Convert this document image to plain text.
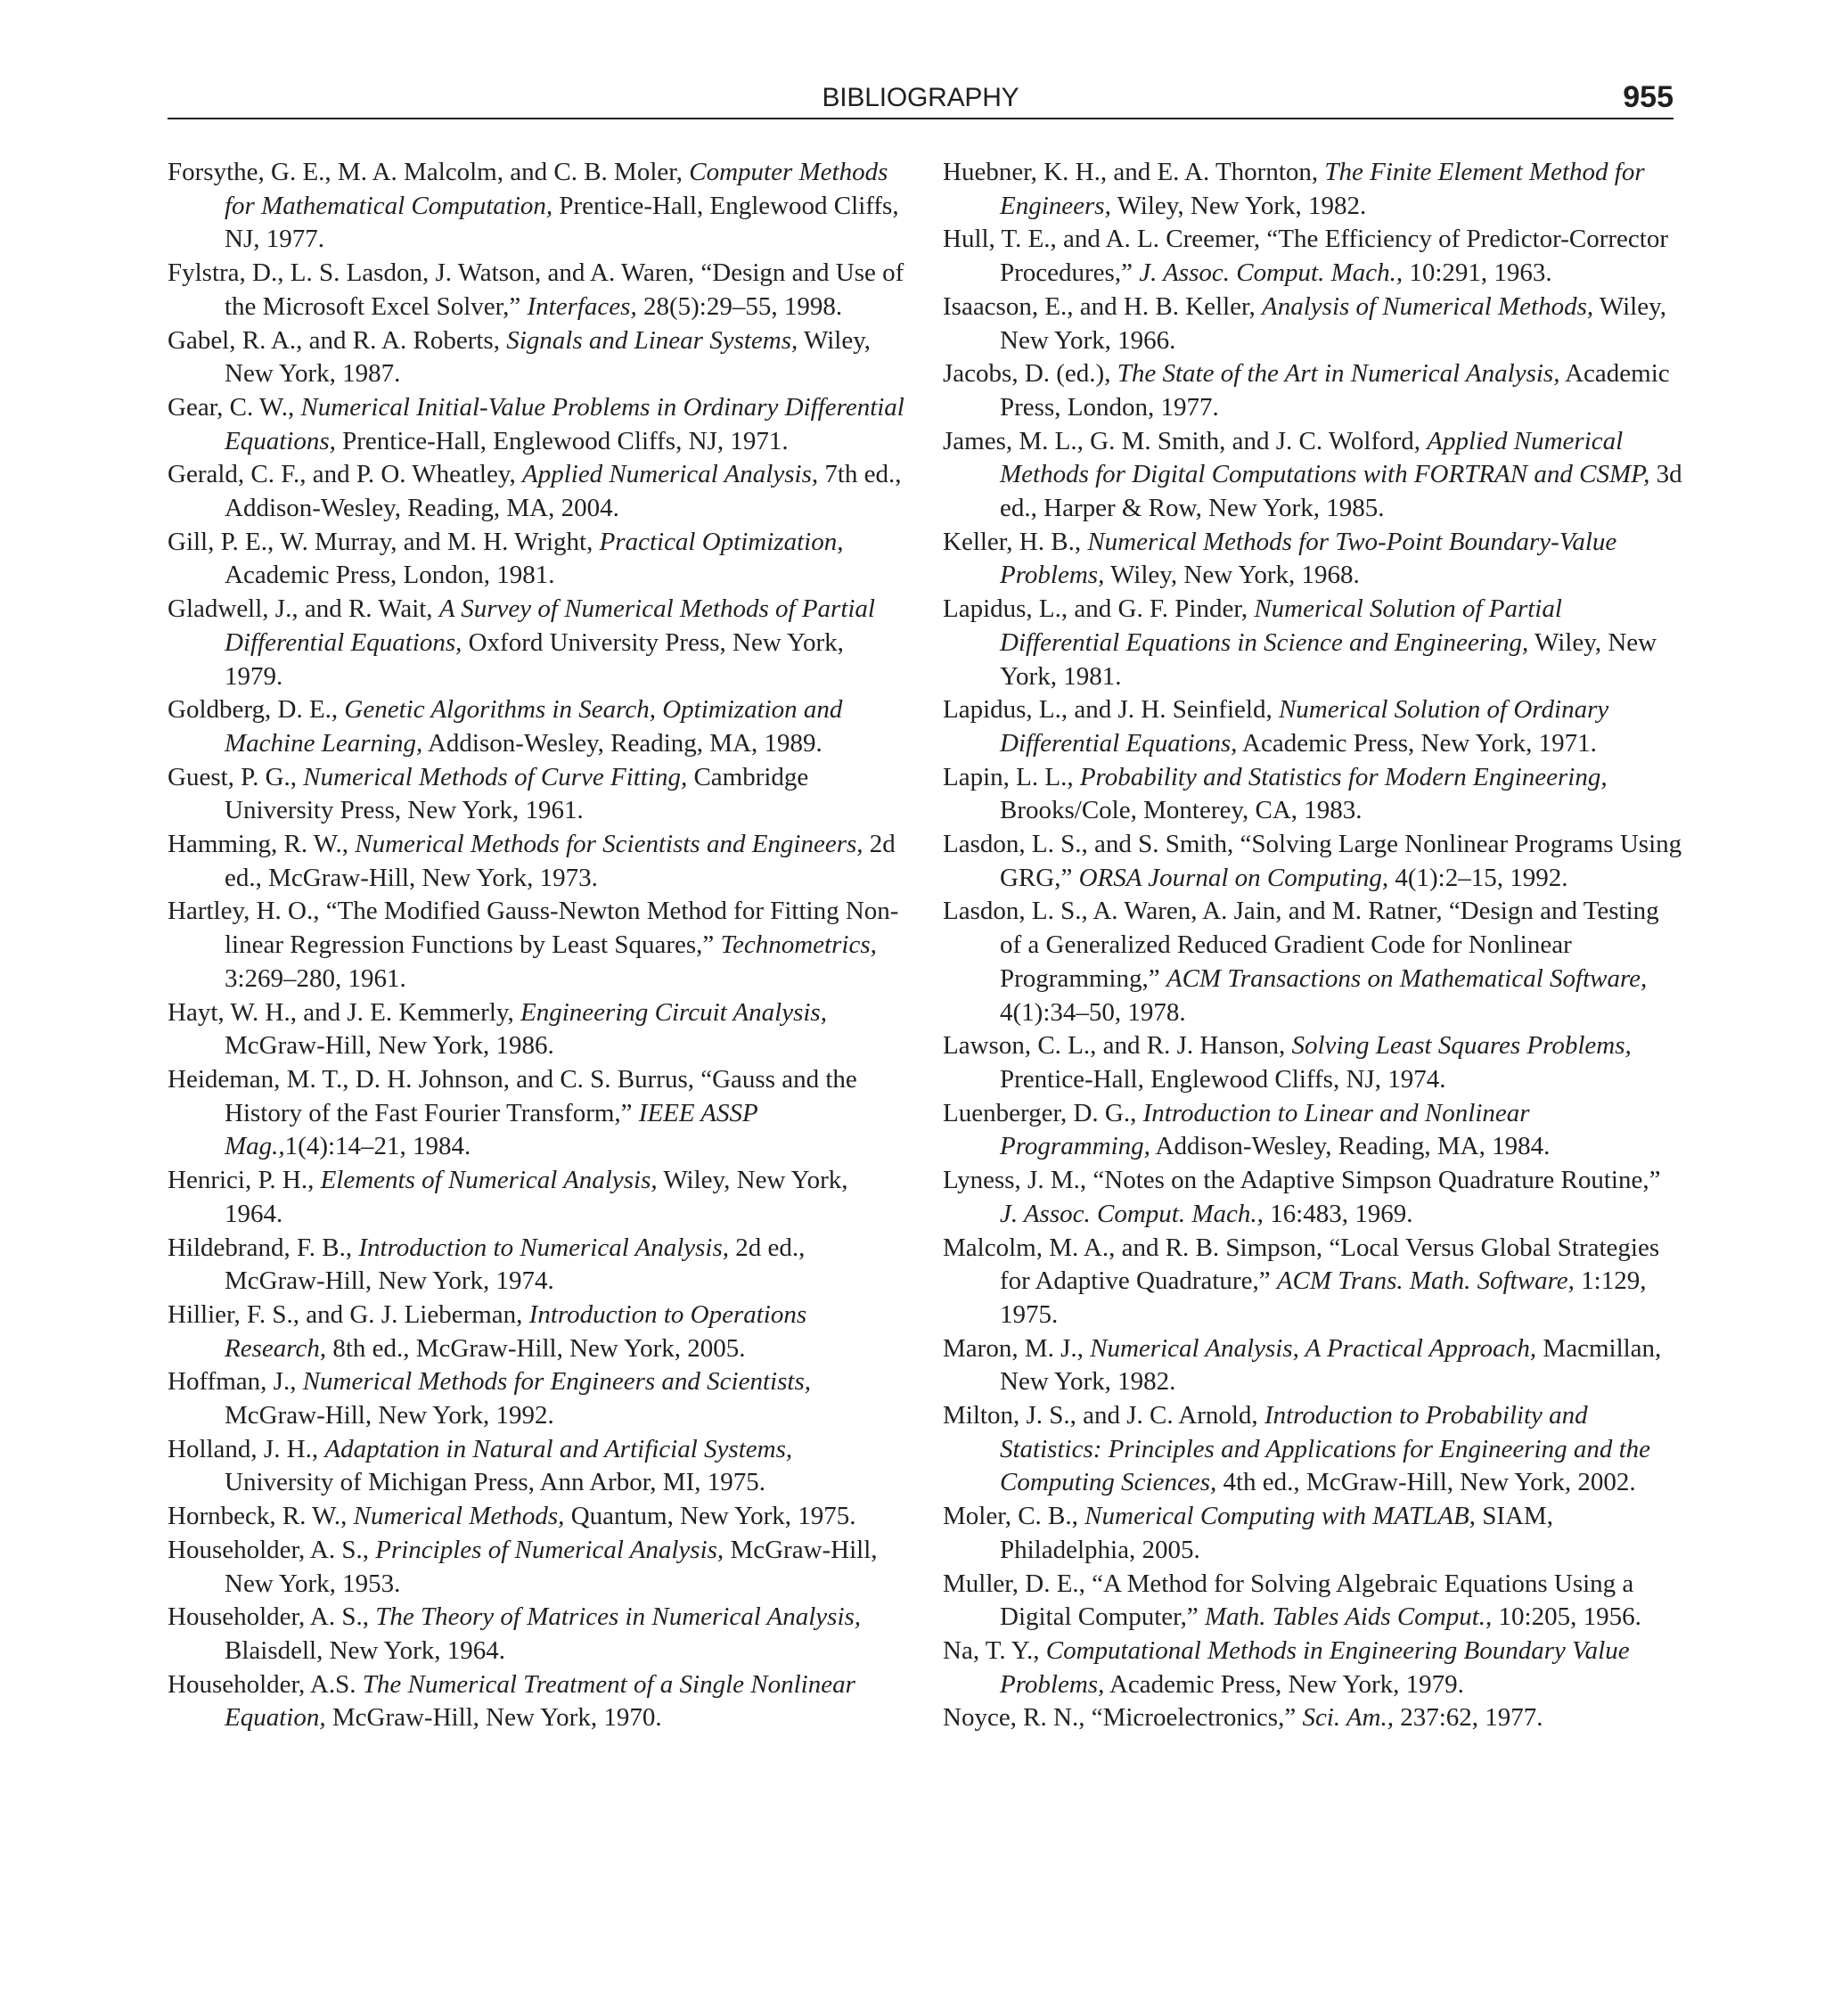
BIBLIOGRAPHY	955

Forsythe, G. E., M. A. Malcolm, and C. B. Moler, Computer Methods for Mathematical Computation, Prentice-Hall, Englewood Cliffs, NJ, 1977.

Fylstra, D., L. S. Lasdon, J. Watson, and A. Waren, “Design and Use of the Microsoft Excel Solver,” Interfaces, 28(5):29–55, 1998.

Gabel, R. A., and R. A. Roberts, Signals and Linear Systems, Wiley, New York, 1987.

Gear, C. W., Numerical Initial-Value Problems in Ordinary Differential Equations, Prentice-Hall, Englewood Cliffs, NJ, 1971.

Gerald, C. F., and P. O. Wheatley, Applied Numerical Analysis, 7th ed., Addison-Wesley, Reading, MA, 2004.

Gill, P. E., W. Murray, and M. H. Wright, Practical Optimization, Academic Press, London, 1981.

Gladwell, J., and R. Wait, A Survey of Numerical Methods of Partial Differential Equations, Oxford University Press, New York, 1979.

Goldberg, D. E., Genetic Algorithms in Search, Optimization and Machine Learning, Addison-Wesley, Reading, MA, 1989.

Guest, P. G., Numerical Methods of Curve Fitting, Cambridge University Press, New York, 1961.

Hamming, R. W., Numerical Methods for Scientists and Engineers, 2d ed., McGraw-Hill, New York, 1973.

Hartley, H. O., “The Modified Gauss-Newton Method for Fitting Non-linear Regression Functions by Least Squares,” Technometrics, 3:269–280, 1961.

Hayt, W. H., and J. E. Kemmerly, Engineering Circuit Analysis, McGraw-Hill, New York, 1986.

Heideman, M. T., D. H. Johnson, and C. S. Burrus, “Gauss and the History of the Fast Fourier Transform,” IEEE ASSP Mag.,1(4):14–21, 1984.

Henrici, P. H., Elements of Numerical Analysis, Wiley, New York, 1964.

Hildebrand, F. B., Introduction to Numerical Analysis, 2d ed., McGraw-Hill, New York, 1974.

Hillier, F. S., and G. J. Lieberman, Introduction to Operations Research, 8th ed., McGraw-Hill, New York, 2005.

Hoffman, J., Numerical Methods for Engineers and Scientists, McGraw-Hill, New York, 1992.

Holland, J. H., Adaptation in Natural and Artificial Systems, University of Michigan Press, Ann Arbor, MI, 1975.

Hornbeck, R. W., Numerical Methods, Quantum, New York, 1975.

Householder, A. S., Principles of Numerical Analysis, McGraw-Hill, New York, 1953.

Householder, A. S., The Theory of Matrices in Numerical Analysis, Blaisdell, New York, 1964.

Householder, A.S. The Numerical Treatment of a Single Nonlinear Equation, McGraw-Hill, New York, 1970.

Huebner, K. H., and E. A. Thornton, The Finite Element Method for Engineers, Wiley, New York, 1982.

Hull, T. E., and A. L. Creemer, “The Efficiency of Predictor-Corrector Procedures,” J. Assoc. Comput. Mach., 10:291, 1963.

Isaacson, E., and H. B. Keller, Analysis of Numerical Methods, Wiley, New York, 1966.

Jacobs, D. (ed.), The State of the Art in Numerical Analysis, Academic Press, London, 1977.

James, M. L., G. M. Smith, and J. C. Wolford, Applied Numerical Methods for Digital Computations with FORTRAN and CSMP, 3d ed., Harper & Row, New York, 1985.

Keller, H. B., Numerical Methods for Two-Point Boundary-Value Problems, Wiley, New York, 1968.

Lapidus, L., and G. F. Pinder, Numerical Solution of Partial Differential Equations in Science and Engineering, Wiley, New York, 1981.

Lapidus, L., and J. H. Seinfield, Numerical Solution of Ordinary Differential Equations, Academic Press, New York, 1971.

Lapin, L. L., Probability and Statistics for Modern Engineering, Brooks/Cole, Monterey, CA, 1983.

Lasdon, L. S., and S. Smith, “Solving Large Nonlinear Programs Using GRG,” ORSA Journal on Computing, 4(1):2–15, 1992.

Lasdon, L. S., A. Waren, A. Jain, and M. Ratner, “Design and Testing of a Generalized Reduced Gradient Code for Nonlinear Programming,” ACM Transactions on Mathematical Software, 4(1):34–50, 1978.

Lawson, C. L., and R. J. Hanson, Solving Least Squares Problems, Prentice-Hall, Englewood Cliffs, NJ, 1974.

Luenberger, D. G., Introduction to Linear and Nonlinear Programming, Addison-Wesley, Reading, MA, 1984.

Lyness, J. M., “Notes on the Adaptive Simpson Quadrature Routine,” J. Assoc. Comput. Mach., 16:483, 1969.

Malcolm, M. A., and R. B. Simpson, “Local Versus Global Strategies for Adaptive Quadrature,” ACM Trans. Math. Software, 1:129, 1975.

Maron, M. J., Numerical Analysis, A Practical Approach, Macmillan, New York, 1982.

Milton, J. S., and J. C. Arnold, Introduction to Probability and Statistics: Principles and Applications for Engineering and the Computing Sciences, 4th ed., McGraw-Hill, New York, 2002.

Moler, C. B., Numerical Computing with MATLAB, SIAM, Philadelphia, 2005.

Muller, D. E., “A Method for Solving Algebraic Equations Using a Digital Computer,” Math. Tables Aids Comput., 10:205, 1956.

Na, T. Y., Computational Methods in Engineering Boundary Value Problems, Academic Press, New York, 1979.

Noyce, R. N., “Microelectronics,” Sci. Am., 237:62, 1977.
